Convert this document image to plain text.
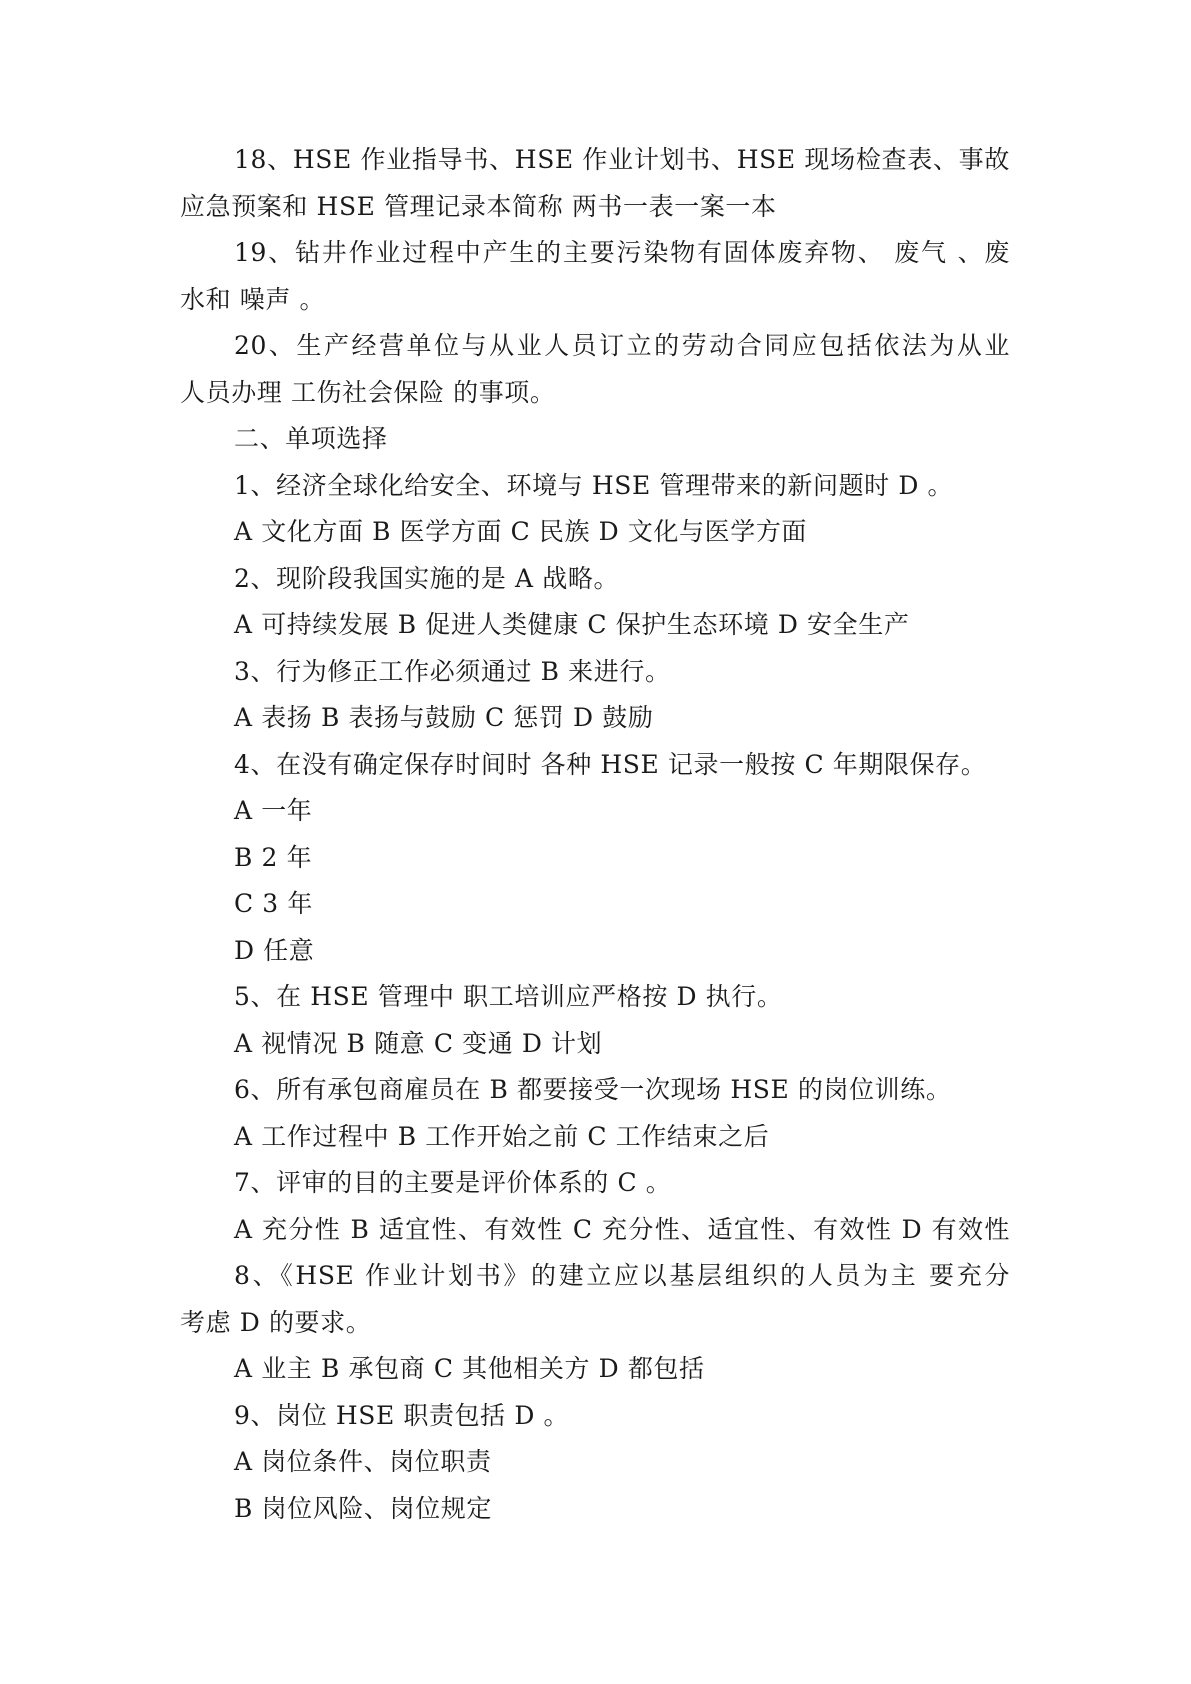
18、HSE 作业指导书、HSE 作业计划书、HSE 现场检查表、事故
应急预案和 HSE 管理记录本简称 两书一表一案一本
19、钻井作业过程中产生的主要污染物有固体废弃物、 废气 、废
水和 噪声 。
20、生产经营单位与从业人员订立的劳动合同应包括依法为从业
人员办理 工伤社会保险 的事项。
二、单项选择
1、经济全球化给安全、环境与 HSE 管理带来的新问题时 D 。
A 文化方面 B 医学方面 C 民族 D 文化与医学方面
2、现阶段我国实施的是 A 战略。
A 可持续发展 B 促进人类健康 C 保护生态环境 D 安全生产
3、行为修正工作必须通过 B 来进行。
A 表扬 B 表扬与鼓励 C 惩罚 D 鼓励
4、在没有确定保存时间时 各种 HSE 记录一般按 C 年期限保存。
A 一年
B 2 年
C 3 年
D 任意
5、在 HSE 管理中 职工培训应严格按 D 执行。
A 视情况 B 随意 C 变通 D 计划
6、所有承包商雇员在 B 都要接受一次现场 HSE 的岗位训练。
A 工作过程中 B 工作开始之前 C 工作结束之后
7、评审的目的主要是评价体系的 C 。
A 充分性 B 适宜性、有效性 C 充分性、适宜性、有效性 D 有效性
8、《HSE 作业计划书》的建立应以基层组织的人员为主 要充分
考虑 D 的要求。
A 业主 B 承包商 C 其他相关方 D 都包括
9、岗位 HSE 职责包括 D 。
A 岗位条件、岗位职责
B 岗位风险、岗位规定
